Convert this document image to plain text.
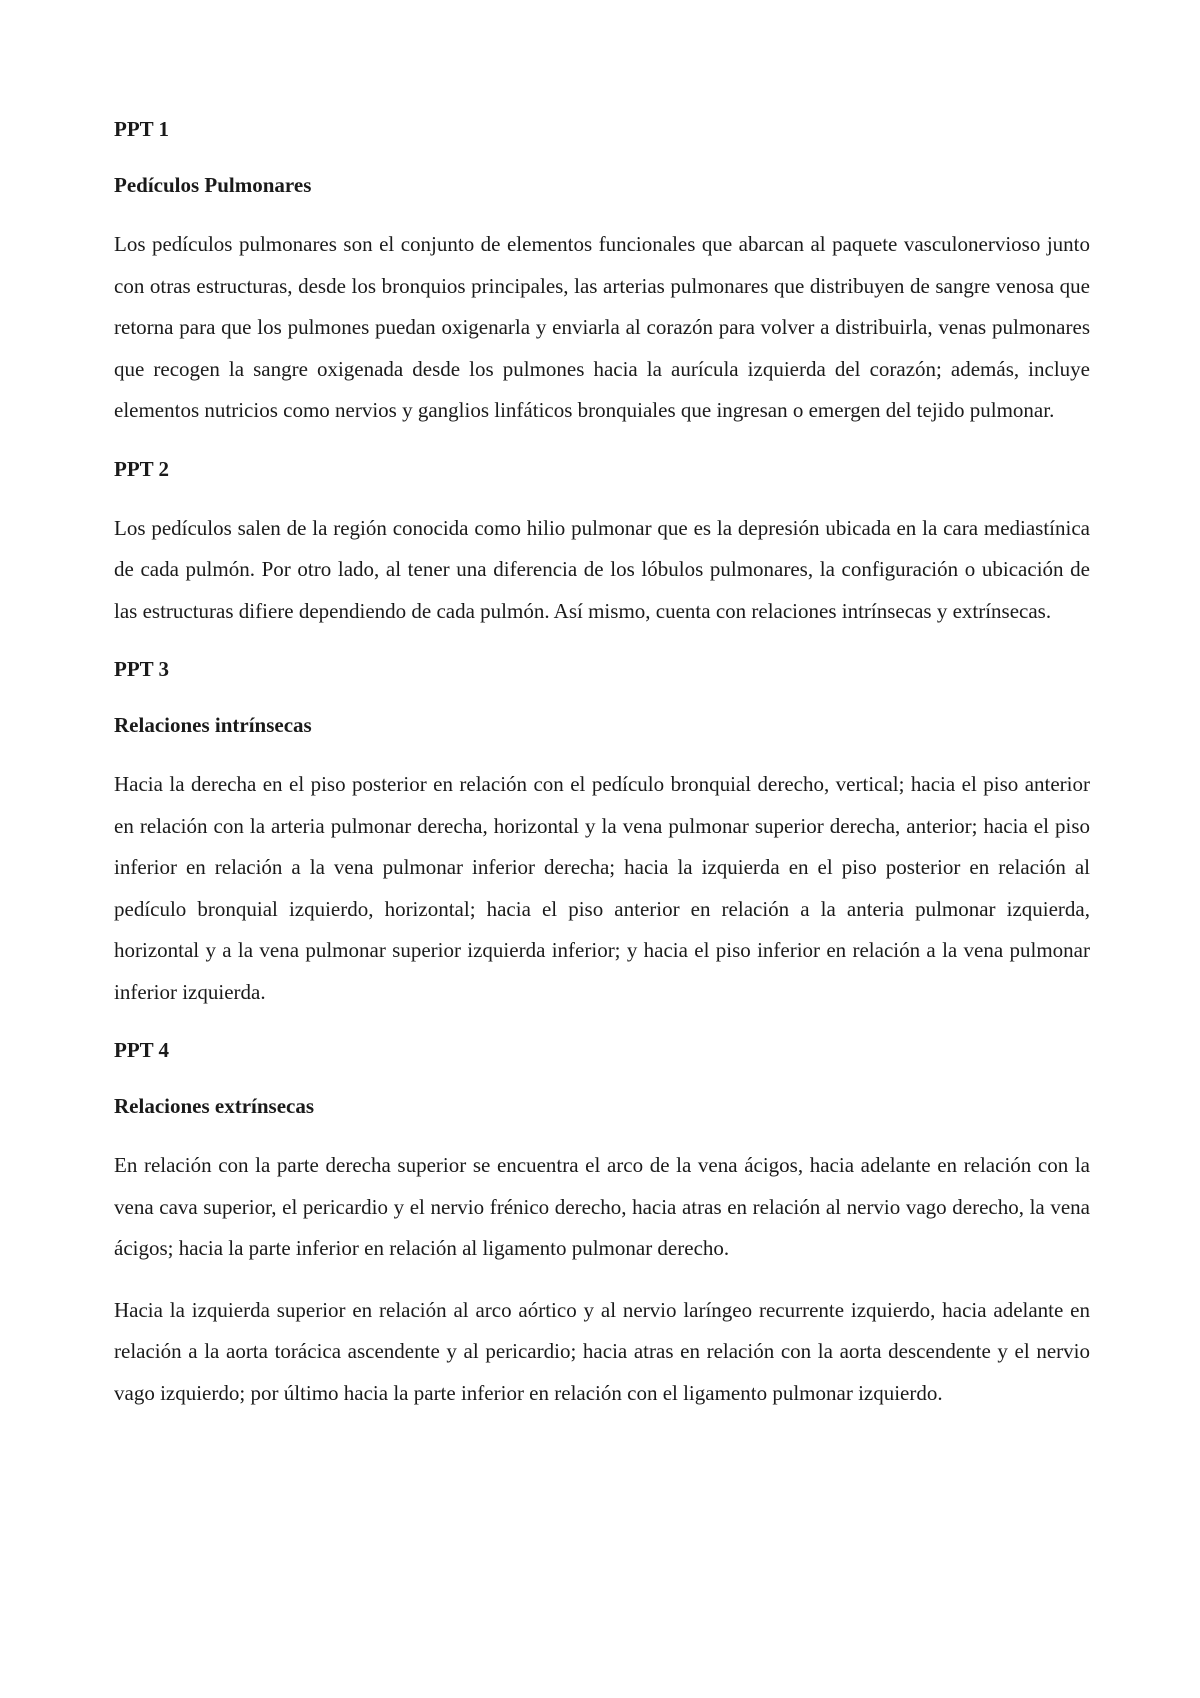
PPT 1

Pedículos Pulmonares

Los pedículos pulmonares son el conjunto de elementos funcionales que abarcan al paquete vasculonervioso junto con otras estructuras, desde los bronquios principales, las arterias pulmonares que distribuyen de sangre venosa que retorna para que los pulmones puedan oxigenarla y enviarla al corazón para volver a distribuirla, venas pulmonares que recogen la sangre oxigenada desde los pulmones hacia la aurícula izquierda del corazón; además, incluye elementos nutricios como nervios y ganglios linfáticos bronquiales que ingresan o emergen del tejido pulmonar.

PPT 2

Los pedículos salen de la región conocida como hilio pulmonar que es la depresión ubicada en la cara mediastínica de cada pulmón. Por otro lado, al tener una diferencia de los lóbulos pulmonares, la configuración o ubicación de las estructuras difiere dependiendo de cada pulmón. Así mismo, cuenta con relaciones intrínsecas y extrínsecas.

PPT 3

Relaciones intrínsecas

Hacia la derecha en el piso posterior en relación con el pedículo bronquial derecho, vertical; hacia el piso anterior en relación con la arteria pulmonar derecha, horizontal y la vena pulmonar superior derecha, anterior; hacia el piso inferior en relación a la vena pulmonar inferior derecha; hacia la izquierda en el piso posterior en relación al pedículo bronquial izquierdo, horizontal; hacia el piso anterior en relación a la anteria pulmonar izquierda, horizontal y a la vena pulmonar superior izquierda inferior; y hacia el piso inferior en relación a la vena pulmonar inferior izquierda.

PPT 4

Relaciones extrínsecas

En relación con la parte derecha superior se encuentra el arco de la vena ácigos, hacia adelante en relación con la vena cava superior, el pericardio y el nervio frénico derecho, hacia atras en relación al nervio vago derecho, la vena ácigos; hacia la parte inferior en relación al ligamento pulmonar derecho.

Hacia la izquierda superior en relación al arco aórtico y al nervio laríngeo recurrente izquierdo, hacia adelante en relación a la aorta torácica ascendente y al pericardio; hacia atras en relación con la aorta descendente y el nervio vago izquierdo; por último hacia la parte inferior en relación con el ligamento pulmonar izquierdo.
